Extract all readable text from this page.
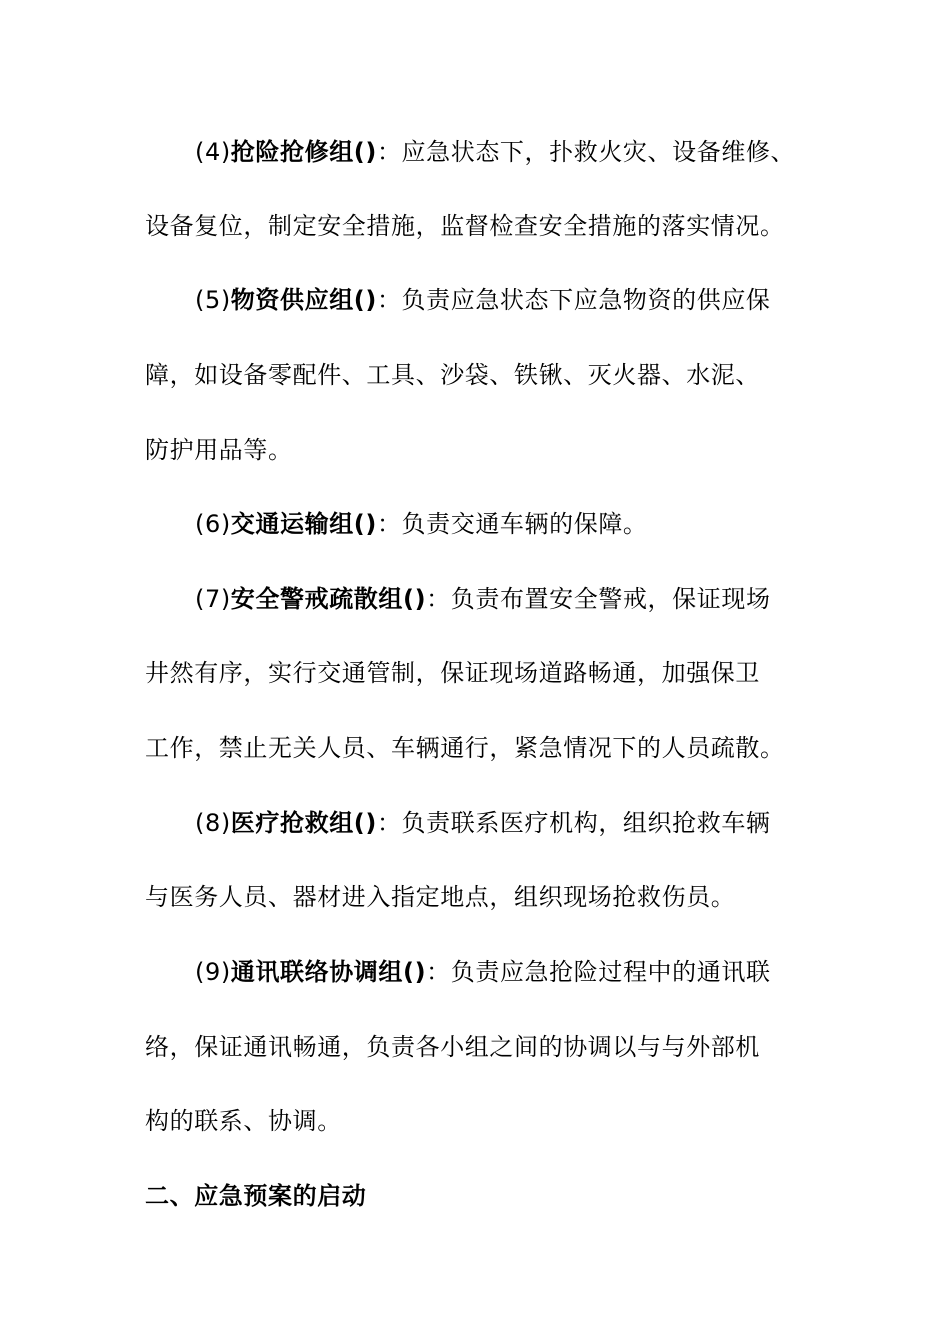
(4)抢险抢修组()：应急状态下，扑救火灾、设备维修、
设备复位，制定安全措施，监督检查安全措施的落实情况。
(5)物资供应组()：负责应急状态下应急物资的供应保
障，如设备零配件、工具、沙袋、铁锹、灭火器、水泥、
防护用品等。
(6)交通运输组()：负责交通车辆的保障。
(7)安全警戒疏散组()：负责布置安全警戒，保证现场
井然有序，实行交通管制，保证现场道路畅通，加强保卫
工作，禁止无关人员、车辆通行，紧急情况下的人员疏散。
(8)医疗抢救组()：负责联系医疗机构，组织抢救车辆
与医务人员、器材进入指定地点，组织现场抢救伤员。
(9)通讯联络协调组()：负责应急抢险过程中的通讯联
络，保证通讯畅通，负责各小组之间的协调以与与外部机
构的联系、协调。
二、应急预案的启动
